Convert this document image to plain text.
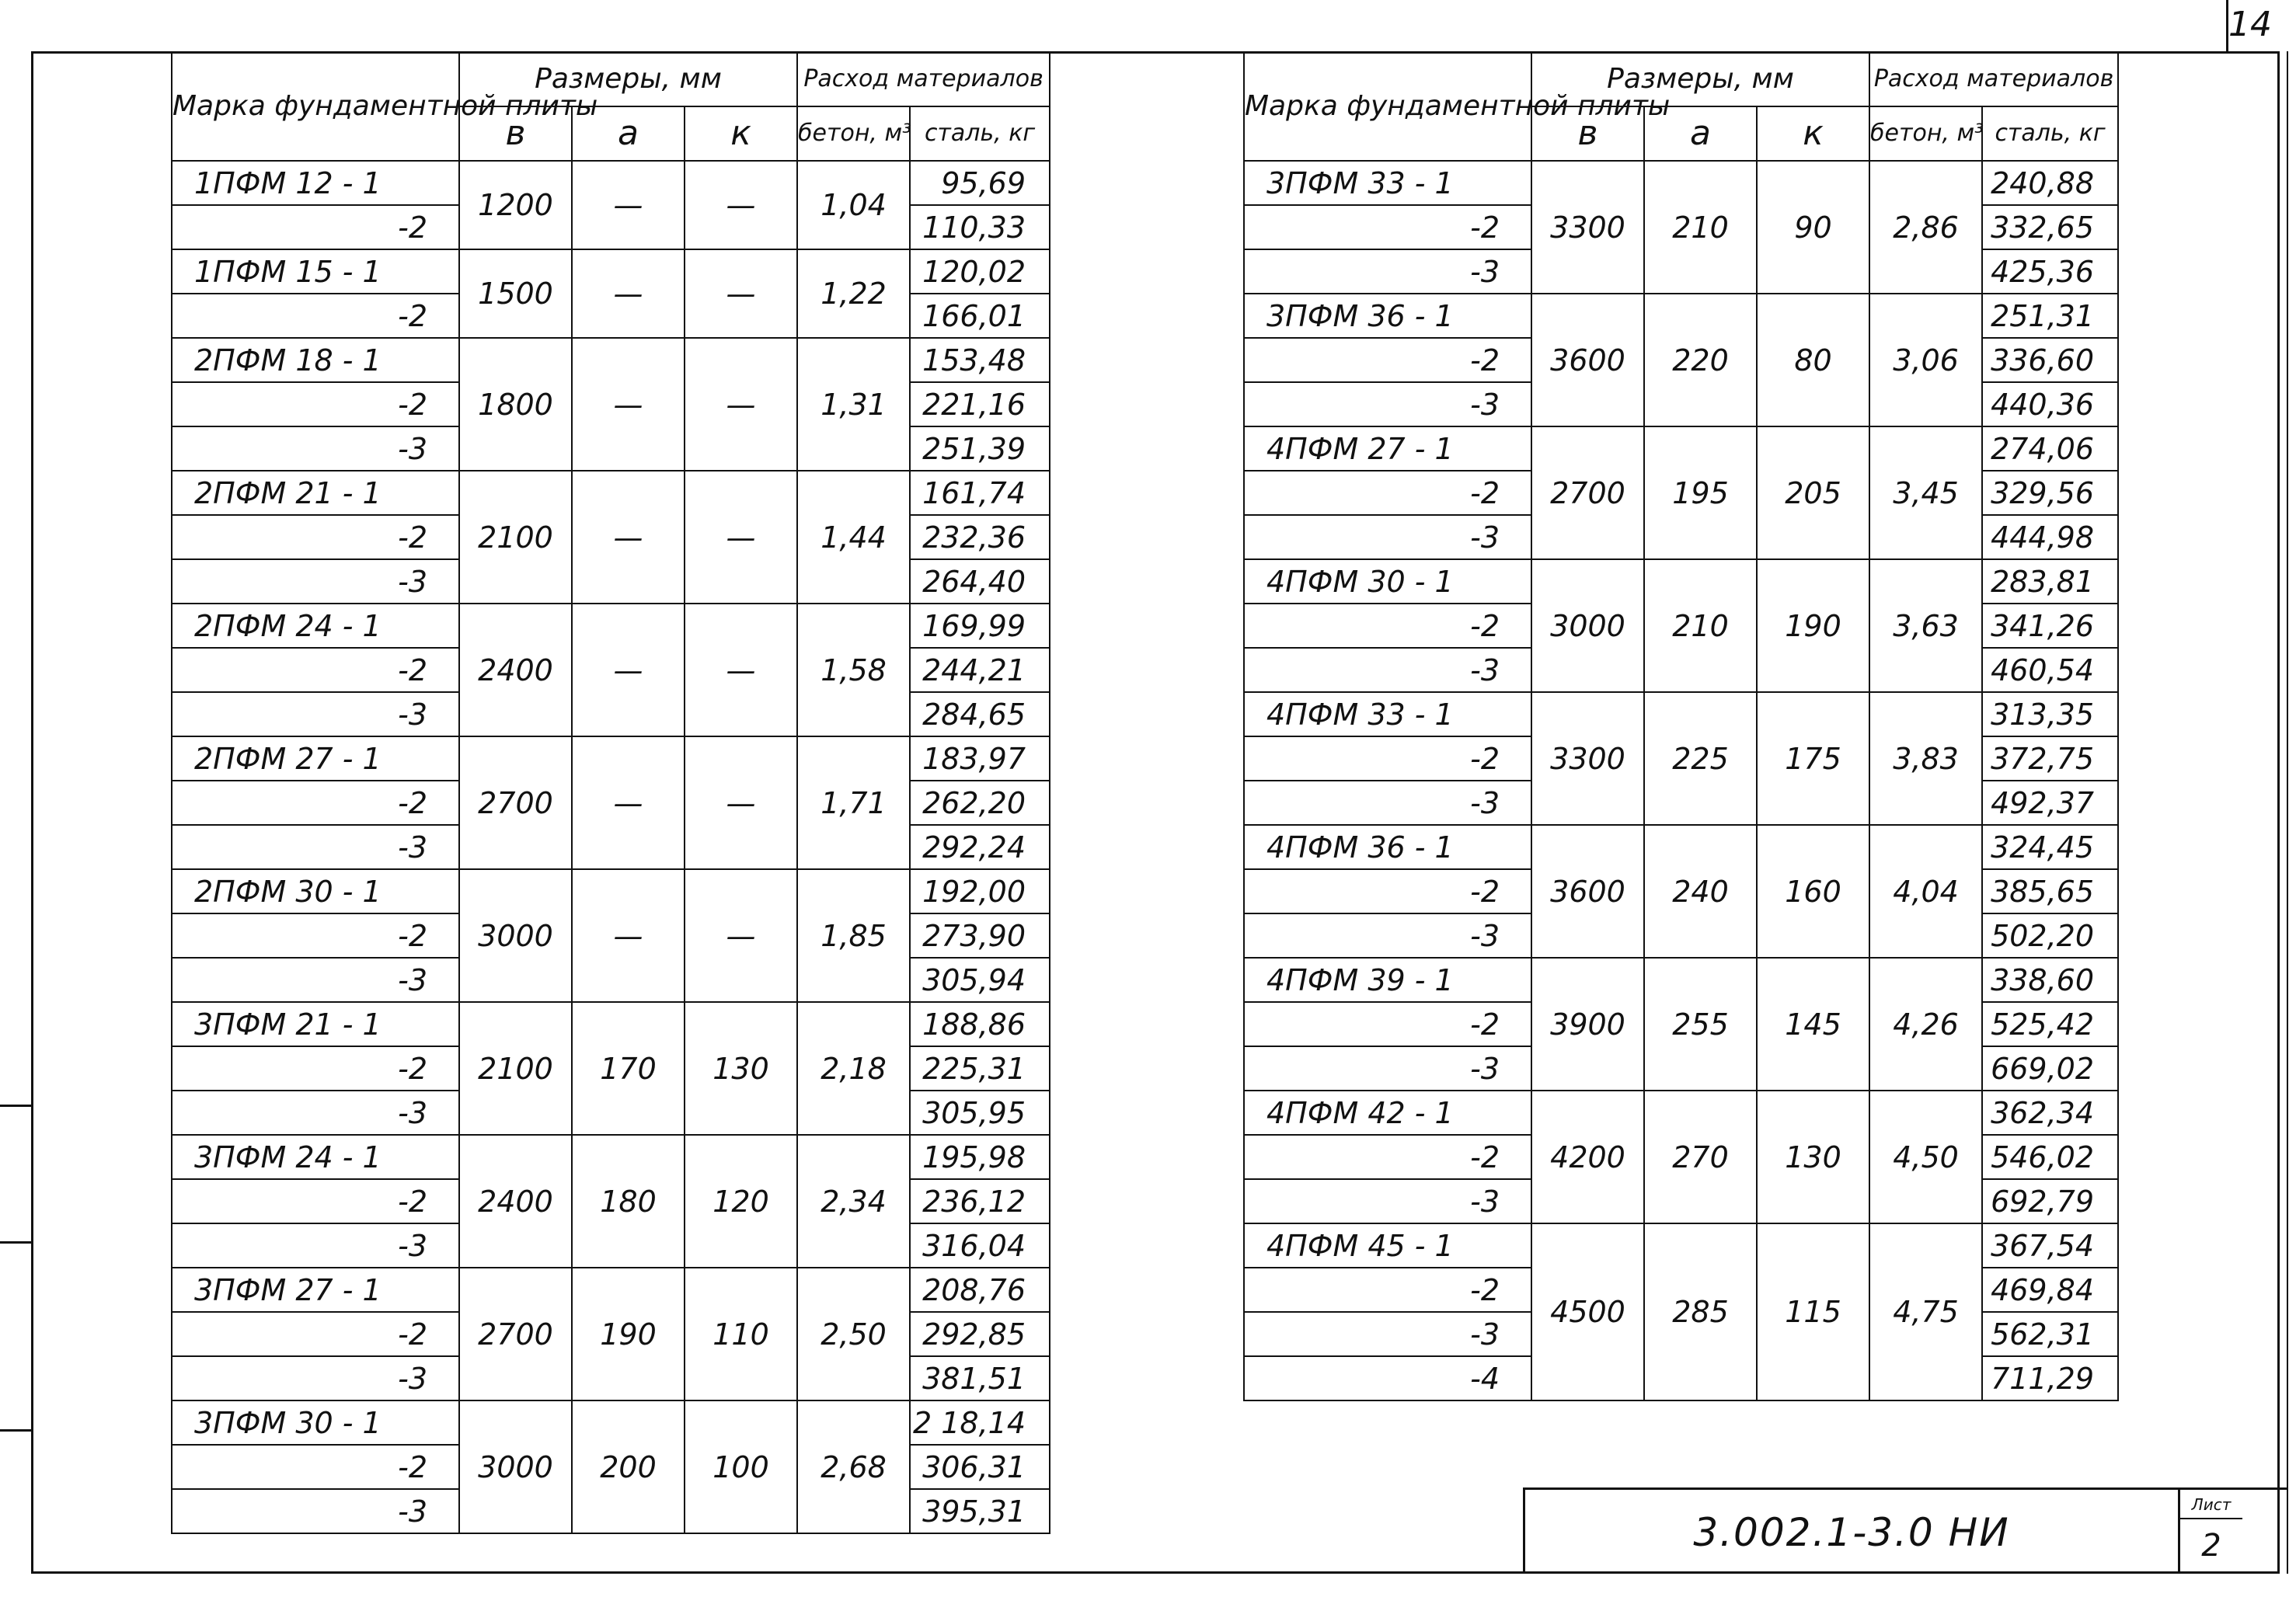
14
Марка фундаментной плиты	Размеры, мм			Расход материалов	
	в	а	к	бетон, м³	сталь, кг
1ПФМ 12 - 1	1200	—	—	1,04	95,69
-2					110,33
1ПФМ 15 - 1	1500	—	—	1,22	120,02
-2					166,01
2ПФМ 18 - 1	1800	—	—	1,31	153,48
-2					221,16
-3					251,39
2ПФМ 21 - 1	2100	—	—	1,44	161,74
-2					232,36
-3					264,40
2ПФМ 24 - 1	2400	—	—	1,58	169,99
-2					244,21
-3					284,65
2ПФМ 27 - 1	2700	—	—	1,71	183,97
-2					262,20
-3					292,24
2ПФМ 30 - 1	3000	—	—	1,85	192,00
-2					273,90
-3					305,94
3ПФМ 21 - 1	2100	170	130	2,18	188,86
-2					225,31
-3					305,95
3ПФМ 24 - 1	2400	180	120	2,34	195,98
-2					236,12
-3					316,04
3ПФМ 27 - 1	2700	190	110	2,50	208,76
-2					292,85
-3					381,51
3ПФМ 30 - 1	3000	200	100	2,68	2 18,14
-2					306,31
-3					395,31
Марка фундаментной плиты	Размеры, мм			Расход материалов	
	в	а	к	бетон, м³	сталь, кг
3ПФМ 33 - 1	3300	210	90	2,86	240,88
-2					332,65
-3					425,36
3ПФМ 36 - 1	3600	220	80	3,06	251,31
-2					336,60
-3					440,36
4ПФМ 27 - 1	2700	195	205	3,45	274,06
-2					329,56
-3					444,98
4ПФМ 30 - 1	3000	210	190	3,63	283,81
-2					341,26
-3					460,54
4ПФМ 33 - 1	3300	225	175	3,83	313,35
-2					372,75
-3					492,37
4ПФМ 36 - 1	3600	240	160	4,04	324,45
-2					385,65
-3					502,20
4ПФМ 39 - 1	3900	255	145	4,26	338,60
-2					525,42
-3					669,02
4ПФМ 42 - 1	4200	270	130	4,50	362,34
-2					546,02
-3					692,79
4ПФМ 45 - 1	4500	285	115	4,75	367,54
-2					469,84
-3					562,31
-4					711,29
3.002.1-3.0 НИ
Лист
2
